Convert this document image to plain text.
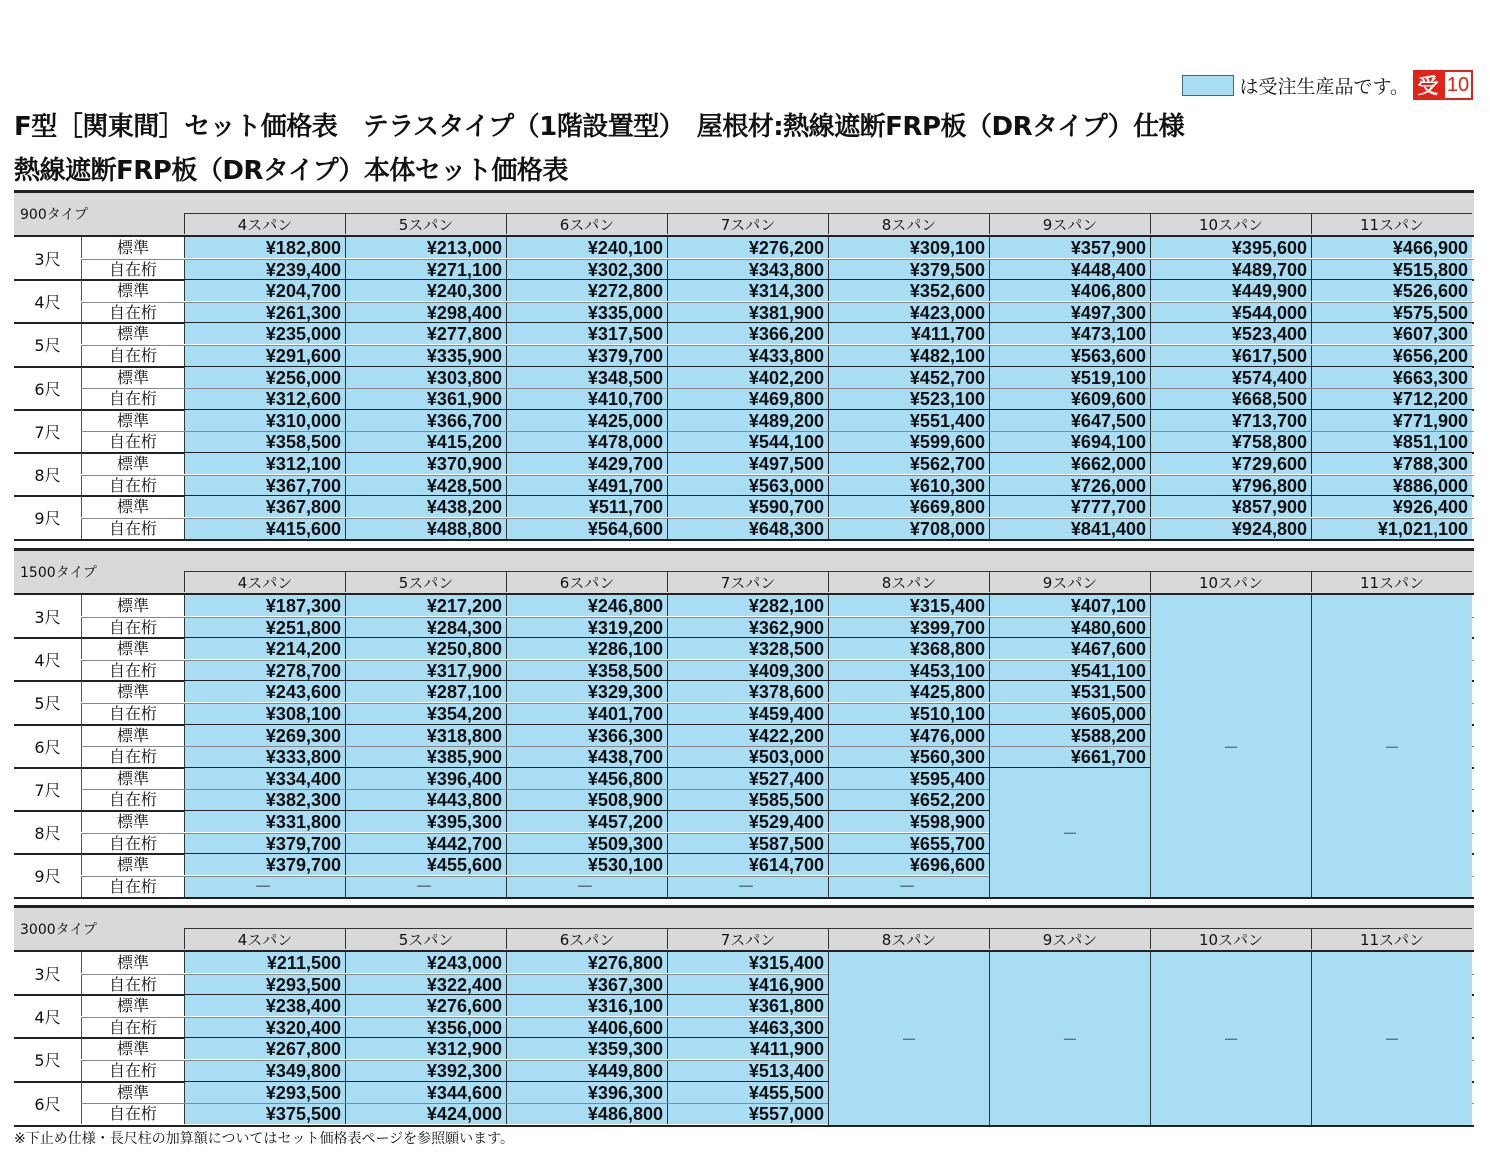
は受注生産品です。 受 10
F型［関東間］セット価格表　テラスタイプ（1階設置型）　屋根材:熱線遮断FRP板（DRタイプ）仕様
熱線遮断FRP板（DRタイプ）本体セット価格表
900タイプ
4スパン	5スパン	6スパン	7スパン	8スパン	9スパン	10スパン	11スパン
3尺
標準	¥182,800	¥213,000	¥240,100	¥276,200	¥309,100	¥357,900	¥395,600	¥466,900
自在桁	¥239,400	¥271,100	¥302,300	¥343,800	¥379,500	¥448,400	¥489,700	¥515,800
4尺
標準	¥204,700	¥240,300	¥272,800	¥314,300	¥352,600	¥406,800	¥449,900	¥526,600
自在桁	¥261,300	¥298,400	¥335,000	¥381,900	¥423,000	¥497,300	¥544,000	¥575,500
5尺
標準	¥235,000	¥277,800	¥317,500	¥366,200	¥411,700	¥473,100	¥523,400	¥607,300
自在桁	¥291,600	¥335,900	¥379,700	¥433,800	¥482,100	¥563,600	¥617,500	¥656,200
6尺
標準	¥256,000	¥303,800	¥348,500	¥402,200	¥452,700	¥519,100	¥574,400	¥663,300
自在桁	¥312,600	¥361,900	¥410,700	¥469,800	¥523,100	¥609,600	¥668,500	¥712,200
7尺
標準	¥310,000	¥366,700	¥425,000	¥489,200	¥551,400	¥647,500	¥713,700	¥771,900
自在桁	¥358,500	¥415,200	¥478,000	¥544,100	¥599,600	¥694,100	¥758,800	¥851,100
8尺
標準	¥312,100	¥370,900	¥429,700	¥497,500	¥562,700	¥662,000	¥729,600	¥788,300
自在桁	¥367,700	¥428,500	¥491,700	¥563,000	¥610,300	¥726,000	¥796,800	¥886,000
9尺
標準	¥367,800	¥438,200	¥511,700	¥590,700	¥669,800	¥777,700	¥857,900	¥926,400
自在桁	¥415,600	¥488,800	¥564,600	¥648,300	¥708,000	¥841,400	¥924,800	¥1,021,100
1500タイプ
4スパン	5スパン	6スパン	7スパン	8スパン	9スパン	10スパン	11スパン
3尺
標準	¥187,300	¥217,200	¥246,800	¥282,100	¥315,400	¥407,100
自在桁	¥251,800	¥284,300	¥319,200	¥362,900	¥399,700	¥480,600
4尺
標準	¥214,200	¥250,800	¥286,100	¥328,500	¥368,800	¥467,600
自在桁	¥278,700	¥317,900	¥358,500	¥409,300	¥453,100	¥541,100
5尺
標準	¥243,600	¥287,100	¥329,300	¥378,600	¥425,800	¥531,500
自在桁	¥308,100	¥354,200	¥401,700	¥459,400	¥510,100	¥605,000
6尺
標準	¥269,300	¥318,800	¥366,300	¥422,200	¥476,000	¥588,200
自在桁	¥333,800	¥385,900	¥438,700	¥503,000	¥560,300	¥661,700
7尺
標準	¥334,400	¥396,400	¥456,800	¥527,400	¥595,400
自在桁	¥382,300	¥443,800	¥508,900	¥585,500	¥652,200
8尺
標準	¥331,800	¥395,300	¥457,200	¥529,400	¥598,900
自在桁	¥379,700	¥442,700	¥509,300	¥587,500	¥655,700
9尺
標準	¥379,700	¥455,600	¥530,100	¥614,700	¥696,600
自在桁	－	－	－	－	－
－
－	－
3000タイプ
4スパン	5スパン	6スパン	7スパン	8スパン	9スパン	10スパン	11スパン
3尺
標準	¥211,500	¥243,000	¥276,800	¥315,400
自在桁	¥293,500	¥322,400	¥367,300	¥416,900
4尺
標準	¥238,400	¥276,600	¥316,100	¥361,800
自在桁	¥320,400	¥356,000	¥406,600	¥463,300
5尺
標準	¥267,800	¥312,900	¥359,300	¥411,900
自在桁	¥349,800	¥392,300	¥449,800	¥513,400
6尺
標準	¥293,500	¥344,600	¥396,300	¥455,500
自在桁	¥375,500	¥424,000	¥486,800	¥557,000
－	－	－	－
※下止め仕様・長尺柱の加算額についてはセット価格表ページを参照願います。
